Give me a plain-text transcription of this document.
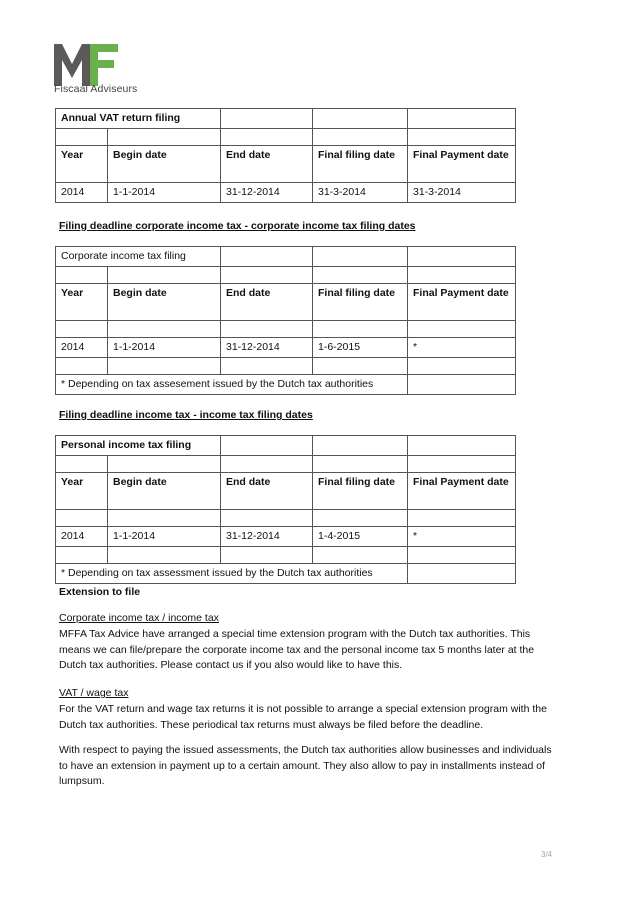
Fiscaal Adviseurs
Annual VAT return filing				

Year	Begin date	End date	Final filing date	Final Payment date
2014	1-1-2014	31-12-2014	31-3-2014	31-3-2014
Filing deadline corporate income tax - corporate income tax filing dates
Corporate income tax filing				

Year	Begin date	End date	Final filing date	Final Payment date

2014	1-1-2014	31-12-2014	1-6-2015	*

* Depending on tax assesement issued by the Dutch tax authorities				
Filing deadline income tax - income tax filing dates
Personal income tax filing				

Year	Begin date	End date	Final filing date	Final Payment date

2014	1-1-2014	31-12-2014	1-4-2015	*

* Depending on tax assessment issued by the Dutch tax authorities				
Extension to file
Corporate income tax / income tax
MFFA Tax Advice have arranged a special time extension program with the Dutch tax authorities. This
means we can file/prepare the corporate income tax and the personal income tax 5 months later at the
Dutch tax authorities. Please contact us if you also would like to have this.
VAT / wage tax
For the VAT return and wage tax returns it is not possible to arrange a special extension program with the
Dutch tax authorities. These periodical tax returns must always be filed before the deadline.
With respect to paying the issued assessments, the Dutch tax authorities allow businesses and individuals
to have an extension in payment up to a certain amount. They also allow to pay in installments instead of
lumpsum.
3/4
